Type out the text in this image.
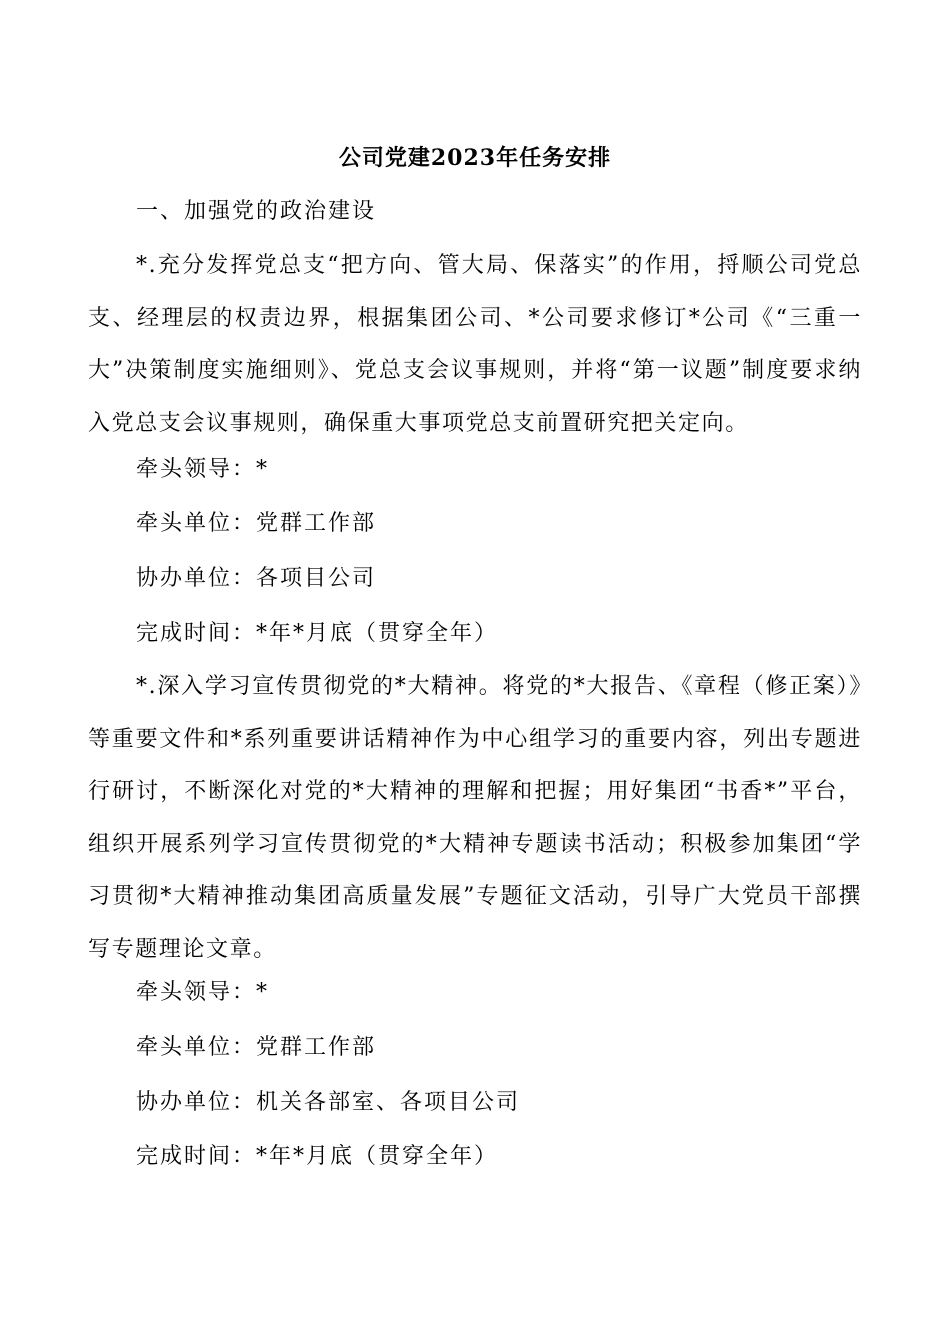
公司党建2023年任务安排
一、加强党的政治建设

*.充分发挥党总支“把方向、管大局、保落实”的作用，捋顺公司党总支、经理层的权责边界，根据集团公司、*公司要求修订*公司《“三重一大”决策制度实施细则》、党总支会议事规则，并将“第一议题”制度要求纳入党总支会议事规则，确保重大事项党总支前置研究把关定向。

牵头领导：*
牵头单位：党群工作部
协办单位：各项目公司
完成时间：*年*月底（贯穿全年）

*.深入学习宣传贯彻党的*大精神。将党的*大报告、《章程（修正案）》等重要文件和*系列重要讲话精神作为中心组学习的重要内容，列出专题进行研讨，不断深化对党的*大精神的理解和把握；用好集团“书香*”平台，组织开展系列学习宣传贯彻党的*大精神专题读书活动；积极参加集团“学习贯彻*大精神推动集团高质量发展”专题征文活动，引导广大党员干部撰写专题理论文章。

牵头领导：*
牵头单位：党群工作部
协办单位：机关各部室、各项目公司
完成时间：*年*月底（贯穿全年）
